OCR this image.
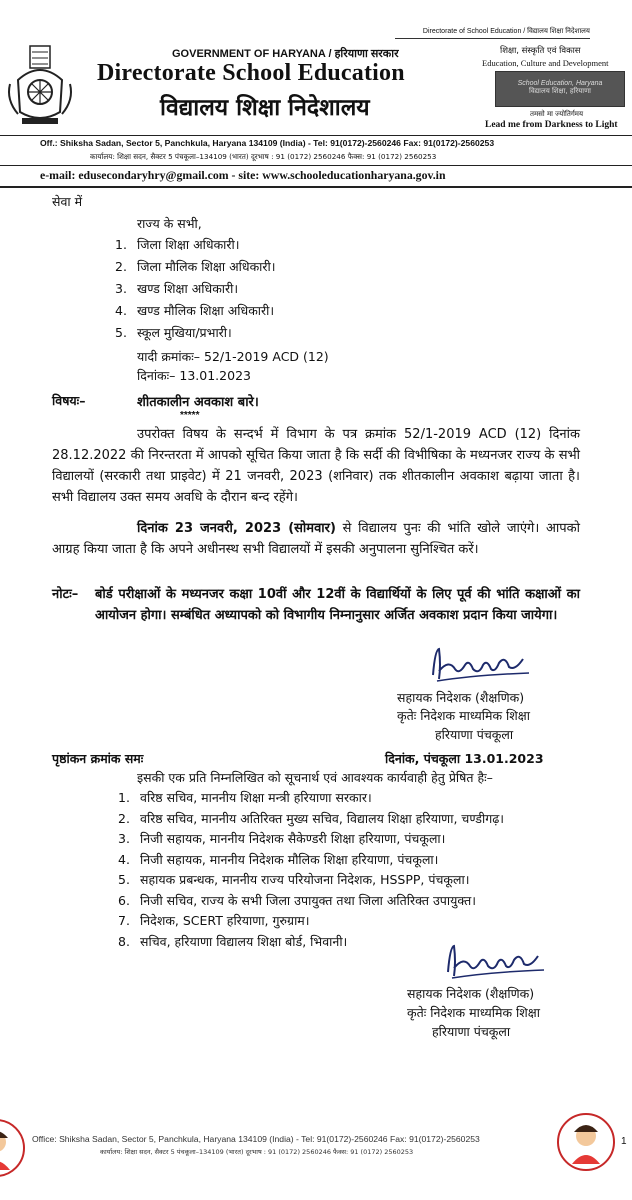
Directorate of School Education / विद्यालय शिक्षा निदेशालय
GOVERNMENT OF HARYANA / हरियाणा सरकार
Directorate School Education
विद्यालय शिक्षा निदेशालय
शिक्षा, संस्कृति एवं विकास
Education, Culture and Development
School Education, Haryana
विद्यालय शिक्षा, हरियाणा
तमसो मा ज्योतिर्गमय
Lead me from Darkness to Light
Off.: Shiksha Sadan, Sector 5, Panchkula, Haryana 134109 (India) - Tel: 91(0172)-2560246 Fax: 91(0172)-2560253
कार्यालय: शिक्षा सदन, सैक्टर 5 पंचकूला–134109 (भारत) दूरभाष : 91 (0172) 2560246 फैक्स: 91 (0172) 2560253
e-mail: edusecondaryhry@gmail.com - site: www.schooleducationharyana.gov.in
सेवा में
राज्य के सभी,
1. जिला शिक्षा अधिकारी।
2. जिला मौलिक शिक्षा अधिकारी।
3. खण्ड शिक्षा अधिकारी।
4. खण्ड मौलिक शिक्षा अधिकारी।
5. स्कूल मुखिया/प्रभारी।
यादी क्रमांकः– 52/1-2019 ACD (12)
दिनांकः– 13.01.2023
विषयः–	शीतकालीन अवकाश बारे।
*****
उपरोक्त विषय के सन्दर्भ में विभाग के पत्र क्रमांक 52/1-2019 ACD (12) दिनांक 28.12.2022 की निरन्तरता में आपको सूचित किया जाता है कि सर्दी की विभीषिका के मध्यनजर राज्य के सभी विद्यालयों (सरकारी तथा प्राइवेट) में 21 जनवरी, 2023 (शनिवार) तक शीतकालीन अवकाश बढ़ाया जाता है। सभी विद्यालय उक्त समय अवधि के दौरान बन्द रहेंगे।
दिनांक 23 जनवरी, 2023 (सोमवार) से विद्यालय पुनः की भांति खोले जाएंगे। आपको आग्रह किया जाता है कि अपने अधीनस्थ सभी विद्यालयों में इसकी अनुपालना सुनिश्चित करें।
नोटः– बोर्ड परीक्षाओं के मध्यनजर कक्षा 10वीं और 12वीं के विद्यार्थियों के लिए पूर्व की भांति कक्षाओं का आयोजन होगा। सम्बंधित अध्यापको को विभागीय निम्नानुसार अर्जित अवकाश प्रदान किया जायेगा।
सहायक निदेशक (शैक्षणिक)
कृतेः निदेशक माध्यमिक शिक्षा
हरियाणा पंचकूला
पृष्ठांकन क्रमांक समः	दिनांक, पंचकूला 13.01.2023
इसकी एक प्रति निम्नलिखित को सूचनार्थ एवं आवश्यक कार्यवाही हेतु प्रेषित हैः–
1. वरिष्ठ सचिव, माननीय शिक्षा मन्त्री हरियाणा सरकार।
2. वरिष्ठ सचिव, माननीय अतिरिक्त मुख्य सचिव, विद्यालय शिक्षा हरियाणा, चण्डीगढ़।
3. निजी सहायक, माननीय निदेशक सैकेण्डरी शिक्षा हरियाणा, पंचकूला।
4. निजी सहायक, माननीय निदेशक मौलिक शिक्षा हरियाणा, पंचकूला।
5. सहायक प्रबन्धक, माननीय राज्य परियोजना निदेशक, HSSPP, पंचकूला।
6. निजी सचिव, राज्य के सभी जिला उपायुक्त तथा जिला अतिरिक्त उपायुक्त।
7. निदेशक, SCERT हरियाणा, गुरुग्राम।
8. सचिव, हरियाणा विद्यालय शिक्षा बोर्ड, भिवानी।
सहायक निदेशक (शैक्षणिक)
कृतेः निदेशक माध्यमिक शिक्षा
हरियाणा पंचकूला
Office: Shiksha Sadan, Sector 5, Panchkula, Haryana 134109 (India) - Tel: 91(0172)-2560246 Fax: 91(0172)-2560253
कार्यालय: शिक्षा सदन, सैक्टर 5 पंचकूला–134109 (भारत) दूरभाष : 91 (0172) 2560246 फैक्स: 91 (0172) 2560253
1
